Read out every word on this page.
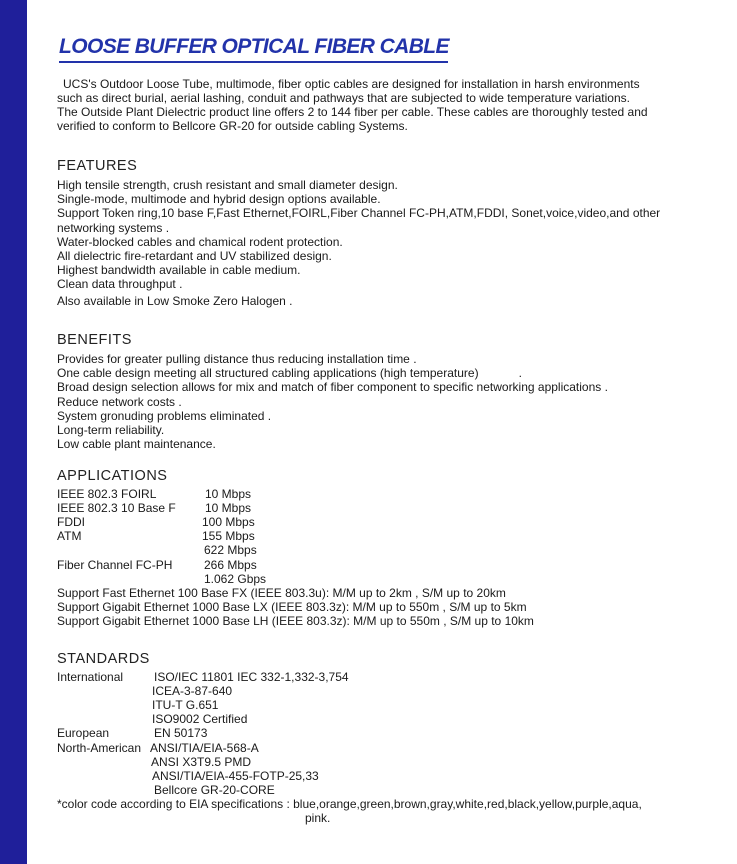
LOOSE BUFFER OPTICAL FIBER CABLE

UCS's Outdoor Loose Tube, multimode, fiber optic cables are designed for installation in harsh environments

such as direct burial, aerial lashing, conduit and pathways that are subjected to wide temperature variations.

The Outside Plant Dielectric product line offers 2 to 144 fiber per cable. These cables are thoroughly tested and

verified to conform to Bellcore GR-20 for outside cabling Systems.

FEATURES
High tensile strength, crush resistant and small diameter design.
Single-mode, multimode and hybrid design options available.
Support Token ring,10 base F,Fast Ethernet,FOIRL,Fiber Channel FC-PH,ATM,FDDI, Sonet,voice,video,and other
networking systems .
Water-blocked cables and chamical rodent protection.
All dielectric fire-retardant and UV stabilized design.
Highest bandwidth available in cable medium.
Clean data throughput .
Also available in Low Smoke Zero Halogen .
BENEFITS
Provides for greater pulling distance thus reducing installation time .
One cable design meeting all structured cabling applications (high temperature)	.
Broad design selection allows for mix and match of fiber component to specific networking applications .
Reduce network costs .
System gronuding problems eliminated .
Long-term reliability.
Low cable plant maintenance.
APPLICATIONS
IEEE 802.3 FOIRL	10 Mbps
IEEE 802.3 10 Base F 10 Mbps
FDDI	100 Mbps
ATM	155 Mbps
622 Mbps
Fiber Channel FC-PH	266 Mbps
1.062 Gbps
Support Fast Ethernet 100 Base FX (IEEE 803.3u): M/M up to 2km , S/M up to 20km
Support Gigabit Ethernet 1000 Base LX (IEEE 803.3z): M/M up to 550m , S/M up to 5km
Support Gigabit Ethernet 1000 Base LH (IEEE 803.3z): M/M up to 550m , S/M up to 10km
STANDARDS
International	ISO/IEC 11801 IEC 332-1,332-3,754
ICEA-3-87-640
ITU-T G.651
ISO9002 Certified
European	EN 50173
North-American ANSI/TIA/EIA-568-A
ANSI X3T9.5 PMD
ANSI/TIA/EIA-455-FOTP-25,33
Bellcore GR-20-CORE
*color code according to EIA specifications : blue,orange,green,brown,gray,white,red,black,yellow,purple,aqua,
pink.
